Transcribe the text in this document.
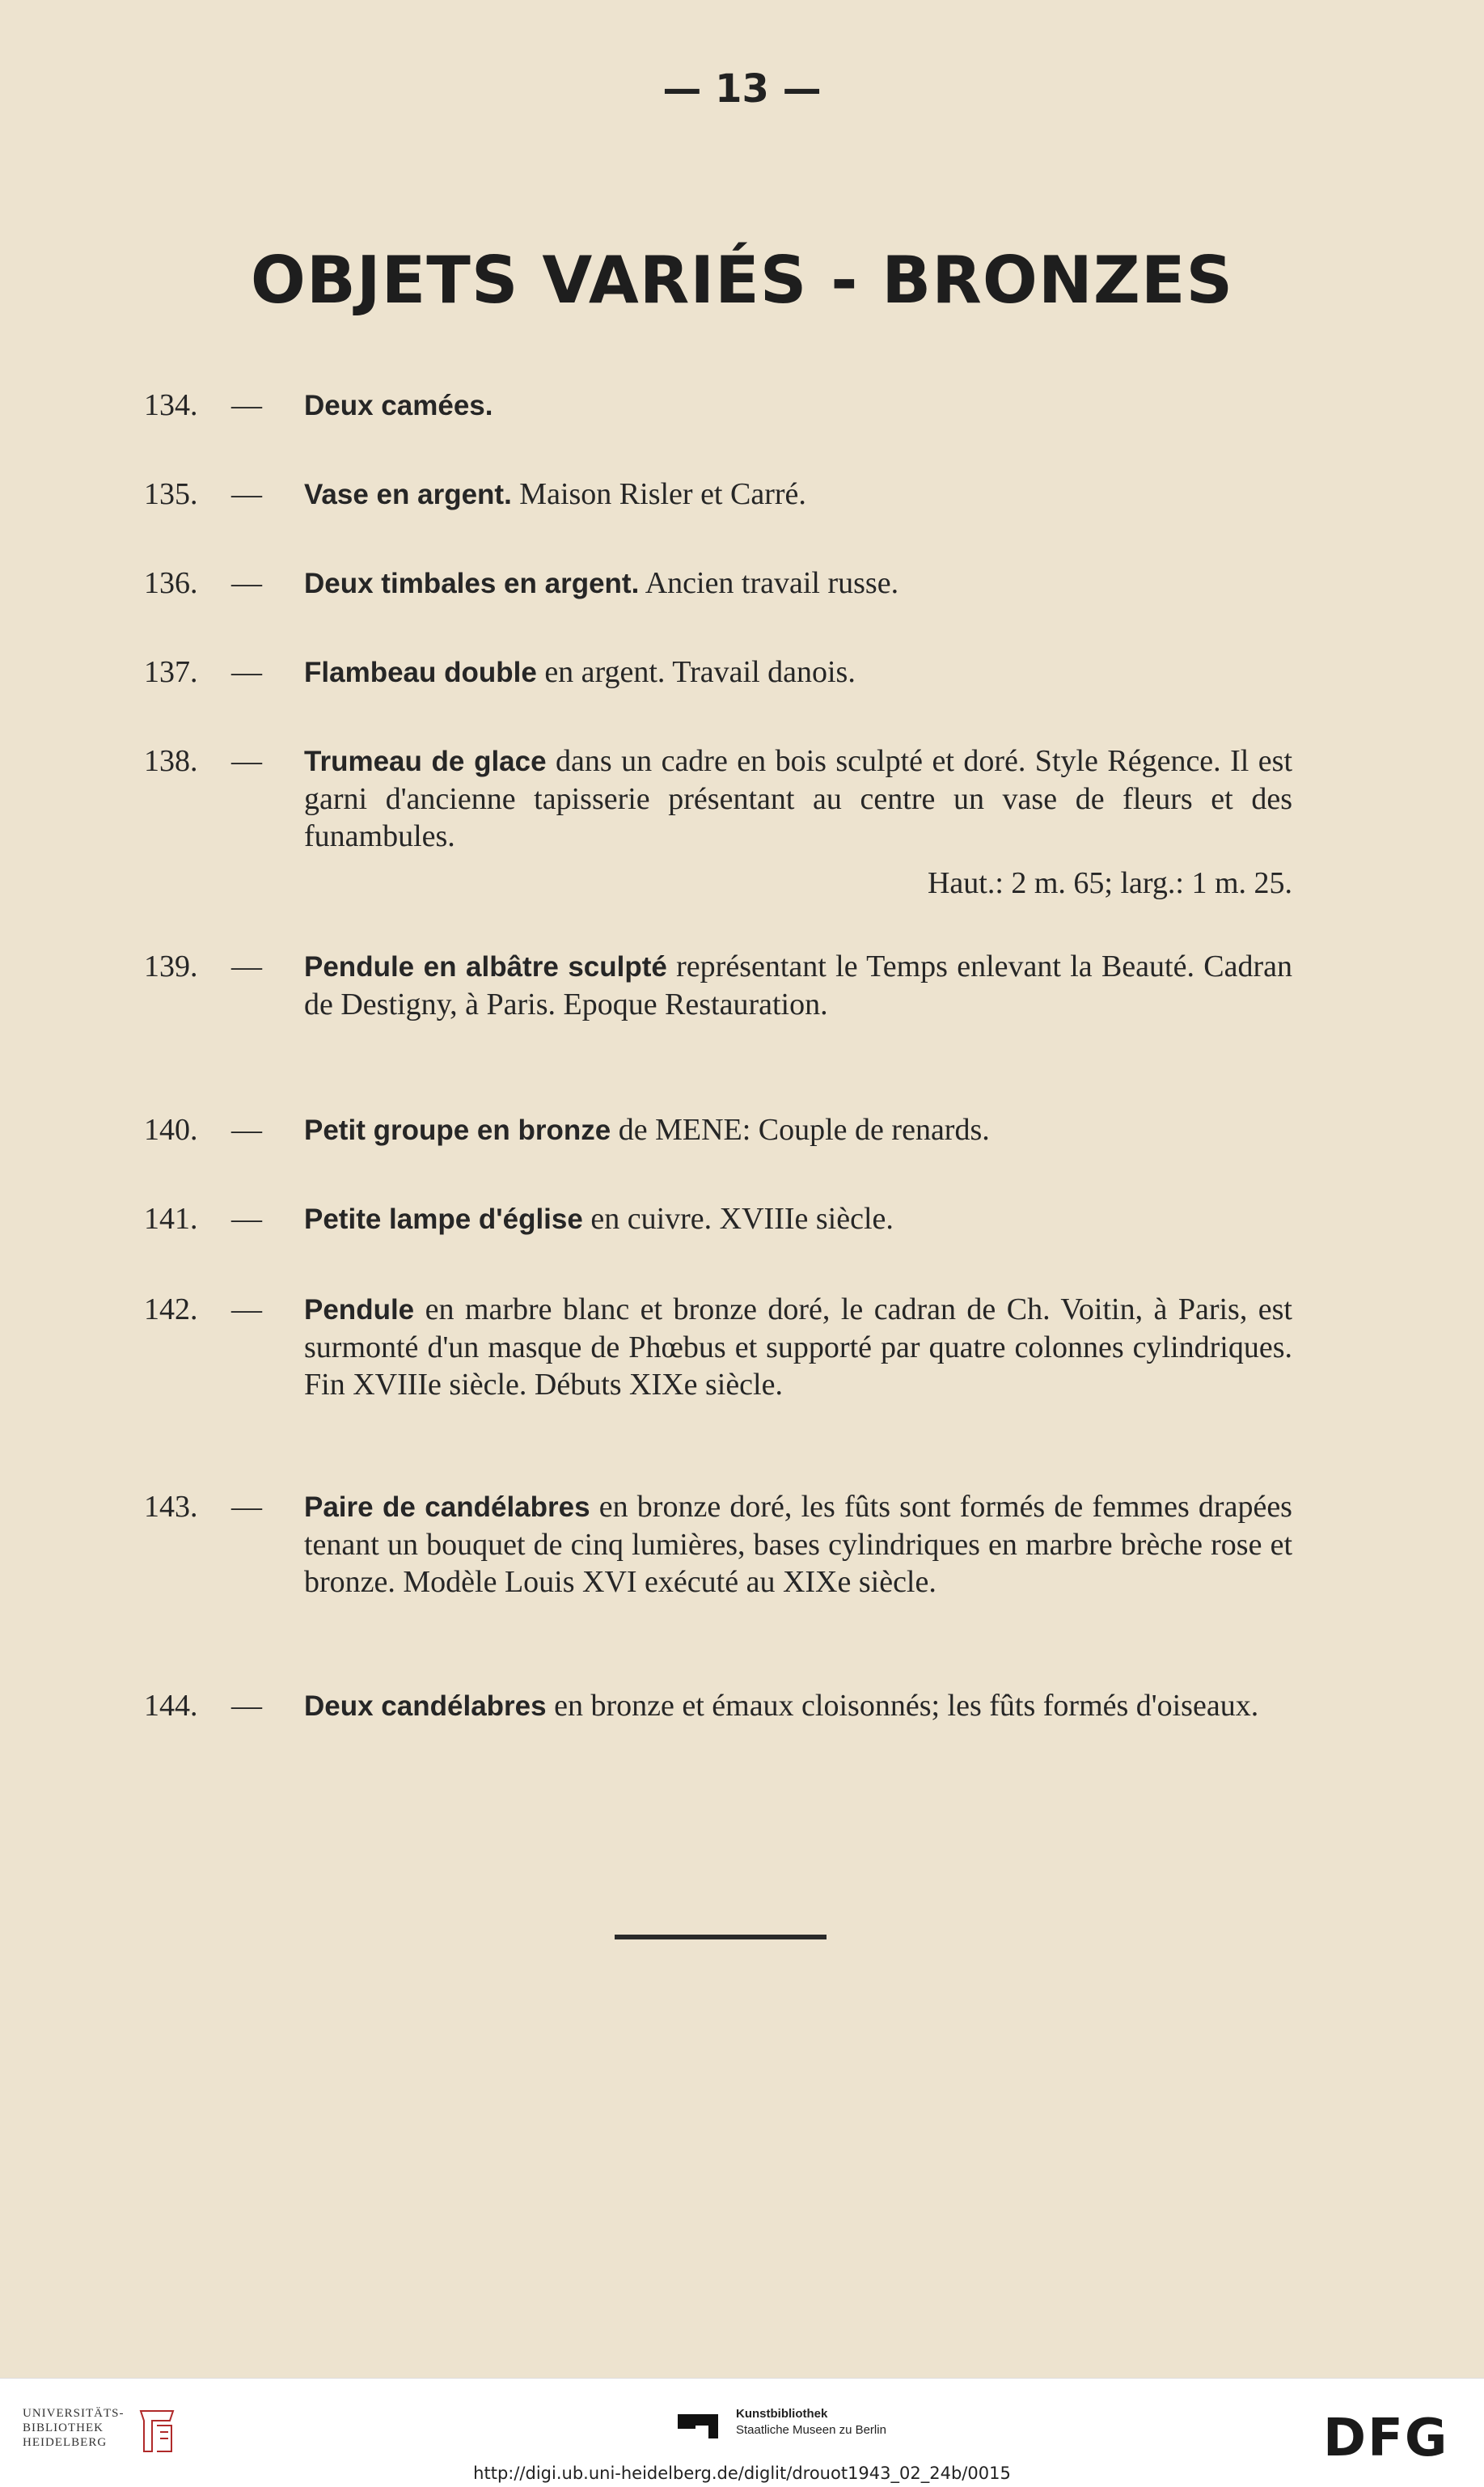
— 13 —
OBJETS VARIÉS - BRONZES
134.	—	Deux camées.
135.	—	Vase en argent. Maison Risler et Carré.
136.	—	Deux timbales en argent. Ancien travail russe.
137.	—	Flambeau double en argent. Travail danois.
138.	—	Trumeau de glace dans un cadre en bois sculpté et doré. Style Régence. Il est garni d'ancienne tapisserie présentant au centre un vase de fleurs et des funambules.
Haut.: 2 m. 65; larg.: 1 m. 25.
139.	—	Pendule en albâtre sculpté représentant le Temps enlevant la Beauté. Cadran de Destigny, à Paris. Epoque Restauration.
140.	—	Petit groupe en bronze de MENE: Couple de renards.
141.	—	Petite lampe d'église en cuivre. XVIIIe siècle.
142.	—	Pendule en marbre blanc et bronze doré, le cadran de Ch. Voitin, à Paris, est surmonté d'un masque de Phœbus et supporté par quatre colonnes cylindriques. Fin XVIIIe siècle. Débuts XIXe siècle.
143.	—	Paire de candélabres en bronze doré, les fûts sont formés de femmes drapées tenant un bouquet de cinq lumières, bases cylindriques en marbre brèche rose et bronze. Modèle Louis XVI exécuté au XIXe siècle.
144.	—	Deux candélabres en bronze et émaux cloisonnés; les fûts formés d'oiseaux.
UNIVERSITÄTS-
BIBLIOTHEK
HEIDELBERG
Kunstbibliothek
Staatliche Museen zu Berlin	DFG
http://digi.ub.uni-heidelberg.de/diglit/drouot1943_02_24b/0015
